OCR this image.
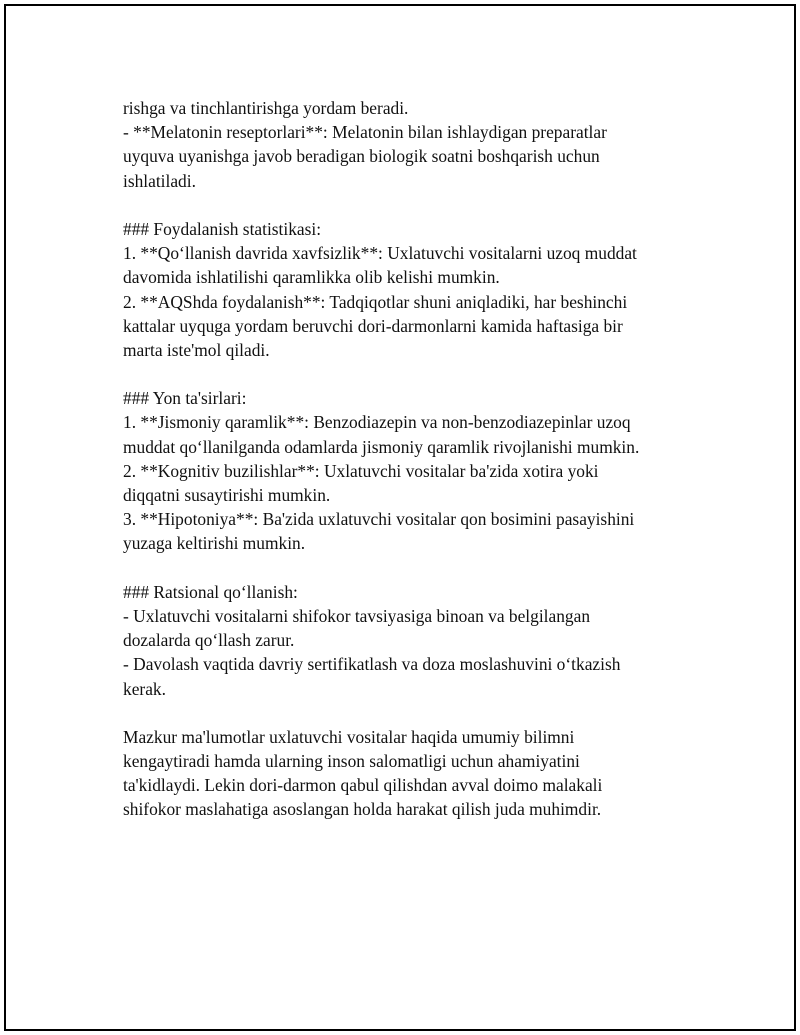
rishga va tinchlantirishga yordam beradi.
- **Melatonin reseptorlari**: Melatonin bilan ishlaydigan preparatlar
uyquva uyanishga javob beradigan biologik soatni boshqarish uchun
ishlatiladi.
### Foydalanish statistikasi:
1. **Qo‘llanish davrida xavfsizlik**: Uxlatuvchi vositalarni uzoq muddat
davomida ishlatilishi qaramlikka olib kelishi mumkin.
2. **AQShda foydalanish**: Tadqiqotlar shuni aniqladiki, har beshinchi
kattalar uyquga yordam beruvchi dori-darmonlarni kamida haftasiga bir
marta iste'mol qiladi.
### Yon ta'sirlari:
1. **Jismoniy qaramlik**: Benzodiazepin va non-benzodiazepinlar uzoq
muddat qo‘llanilganda odamlarda jismoniy qaramlik rivojlanishi mumkin.
2. **Kognitiv buzilishlar**: Uxlatuvchi vositalar ba'zida xotira yoki
diqqatni susaytirishi mumkin.
3. **Hipotoniya**: Ba'zida uxlatuvchi vositalar qon bosimini pasayishini
yuzaga keltirishi mumkin.
### Ratsional qo‘llanish:
- Uxlatuvchi vositalarni shifokor tavsiyasiga binoan va belgilangan
dozalarda qo‘llash zarur.
- Davolash vaqtida davriy sertifikatlash va doza moslashuvini o‘tkazish
kerak.
Mazkur ma'lumotlar uxlatuvchi vositalar haqida umumiy bilimni
kengaytiradi hamda ularning inson salomatligi uchun ahamiyatini
ta'kidlaydi. Lekin dori-darmon qabul qilishdan avval doimo malakali
shifokor maslahatiga asoslangan holda harakat qilish juda muhimdir.
